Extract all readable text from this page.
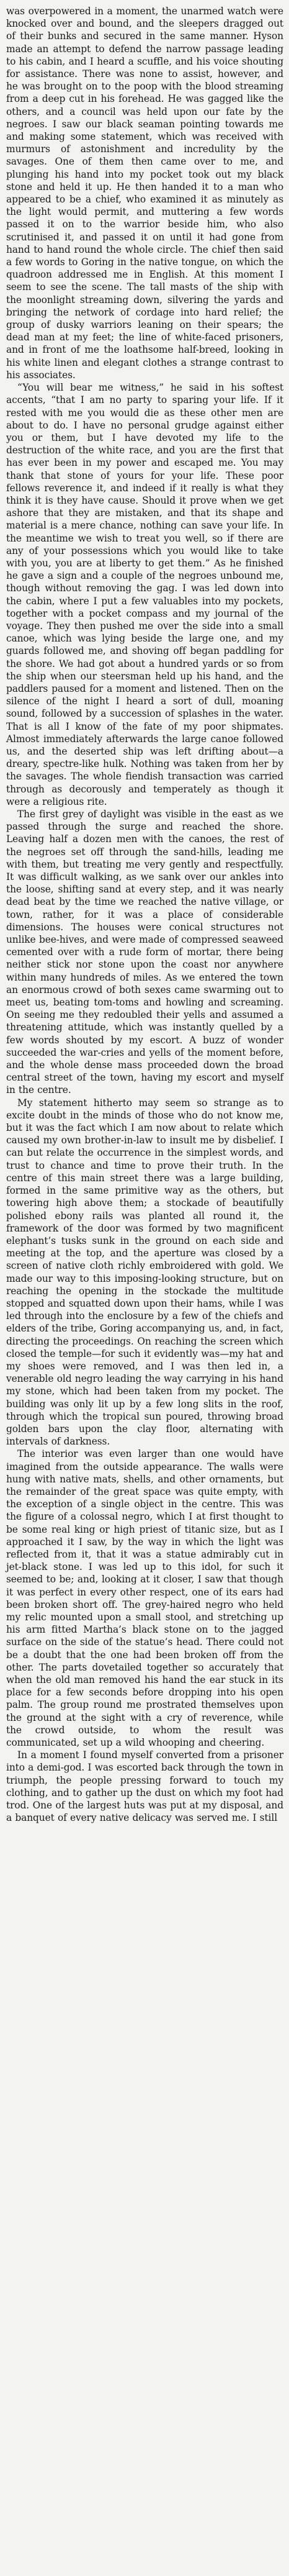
was overpowered in a moment, the unarmed watch were knocked over and bound, and the sleepers dragged out of their bunks and secured in the same manner. Hyson made an attempt to defend the narrow passage leading to his cabin, and I heard a scuffle, and his voice shouting for assistance. There was none to assist, however, and he was brought on to the poop with the blood streaming from a deep cut in his forehead. He was gagged like the others, and a council was held upon our fate by the negroes. I saw our black seaman pointing towards me and making some statement, which was received with murmurs of astonishment and incredulity by the savages. One of them then came over to me, and plunging his hand into my pocket took out my black stone and held it up. He then handed it to a man who appeared to be a chief, who examined it as minutely as the light would permit, and muttering a few words passed it on to the warrior beside him, who also scrutinised it, and passed it on until it had gone from hand to hand round the whole circle. The chief then said a few words to Goring in the native tongue, on which the quadroon addressed me in English. At this moment I seem to see the scene. The tall masts of the ship with the moonlight streaming down, silvering the yards and bringing the network of cordage into hard relief; the group of dusky warriors leaning on their spears; the dead man at my feet; the line of white-faced prisoners, and in front of me the loathsome half-breed, looking in his white linen and elegant clothes a strange contrast to his associates.

“You will bear me witness,” he said in his softest accents, “that I am no party to sparing your life. If it rested with me you would die as these other men are about to do. I have no personal grudge against either you or them, but I have devoted my life to the destruction of the white race, and you are the first that has ever been in my power and escaped me. You may thank that stone of yours for your life. These poor fellows reverence it, and indeed if it really is what they think it is they have cause. Should it prove when we get ashore that they are mistaken, and that its shape and material is a mere chance, nothing can save your life. In the meantime we wish to treat you well, so if there are any of your possessions which you would like to take with you, you are at liberty to get them.” As he finished he gave a sign and a couple of the negroes unbound me, though without removing the gag. I was led down into the cabin, where I put a few valuables into my pockets, together with a pocket compass and my journal of the voyage. They then pushed me over the side into a small canoe, which was lying beside the large one, and my guards followed me, and shoving off began paddling for the shore. We had got about a hundred yards or so from the ship when our steersman held up his hand, and the paddlers paused for a moment and listened. Then on the silence of the night I heard a sort of dull, moaning sound, followed by a succession of splashes in the water. That is all I know of the fate of my poor shipmates. Almost immediately afterwards the large canoe followed us, and the deserted ship was left drifting about—a dreary, spectre-like hulk. Nothing was taken from her by the savages. The whole fiendish transaction was carried through as decorously and temperately as though it were a religious rite.

The first grey of daylight was visible in the east as we passed through the surge and reached the shore. Leaving half a dozen men with the canoes, the rest of the negroes set off through the sand-hills, leading me with them, but treating me very gently and respectfully. It was difficult walking, as we sank over our ankles into the loose, shifting sand at every step, and it was nearly dead beat by the time we reached the native village, or town, rather, for it was a place of considerable dimensions. The houses were conical structures not unlike bee-hives, and were made of compressed seaweed cemented over with a rude form of mortar, there being neither stick nor stone upon the coast nor anywhere within many hundreds of miles. As we entered the town an enormous crowd of both sexes came swarming out to meet us, beating tom-toms and howling and screaming. On seeing me they redoubled their yells and assumed a threatening attitude, which was instantly quelled by a few words shouted by my escort. A buzz of wonder succeeded the war-cries and yells of the moment before, and the whole dense mass proceeded down the broad central street of the town, having my escort and myself in the centre.

My statement hitherto may seem so strange as to excite doubt in the minds of those who do not know me, but it was the fact which I am now about to relate which caused my own brother-in-law to insult me by disbelief. I can but relate the occurrence in the simplest words, and trust to chance and time to prove their truth. In the centre of this main street there was a large building, formed in the same primitive way as the others, but towering high above them; a stockade of beautifully polished ebony rails was planted all round it, the framework of the door was formed by two magnificent elephant’s tusks sunk in the ground on each side and meeting at the top, and the aperture was closed by a screen of native cloth richly embroidered with gold. We made our way to this imposing-looking structure, but on reaching the opening in the stockade the multitude stopped and squatted down upon their hams, while I was led through into the enclosure by a few of the chiefs and elders of the tribe, Goring accompanying us, and, in fact, directing the proceedings. On reaching the screen which closed the temple—for such it evidently was—my hat and my shoes were removed, and I was then led in, a venerable old negro leading the way carrying in his hand my stone, which had been taken from my pocket. The building was only lit up by a few long slits in the roof, through which the tropical sun poured, throwing broad golden bars upon the clay floor, alternating with intervals of darkness.

The interior was even larger than one would have imagined from the outside appearance. The walls were hung with native mats, shells, and other ornaments, but the remainder of the great space was quite empty, with the exception of a single object in the centre. This was the figure of a colossal negro, which I at first thought to be some real king or high priest of titanic size, but as I approached it I saw, by the way in which the light was reflected from it, that it was a statue admirably cut in jet-black stone. I was led up to this idol, for such it seemed to be; and, looking at it closer, I saw that though it was perfect in every other respect, one of its ears had been broken short off. The grey-haired negro who held my relic mounted upon a small stool, and stretching up his arm fitted Martha’s black stone on to the jagged surface on the side of the statue’s head. There could not be a doubt that the one had been broken off from the other. The parts dovetailed together so accurately that when the old man removed his hand the ear stuck in its place for a few seconds before dropping into his open palm. The group round me prostrated themselves upon the ground at the sight with a cry of reverence, while the crowd outside, to whom the result was communicated, set up a wild whooping and cheering.

In a moment I found myself converted from a prisoner into a demi-god. I was escorted back through the town in triumph, the people pressing forward to touch my clothing, and to gather up the dust on which my foot had trod. One of the largest huts was put at my disposal, and a banquet of every native delicacy was served me. I still
